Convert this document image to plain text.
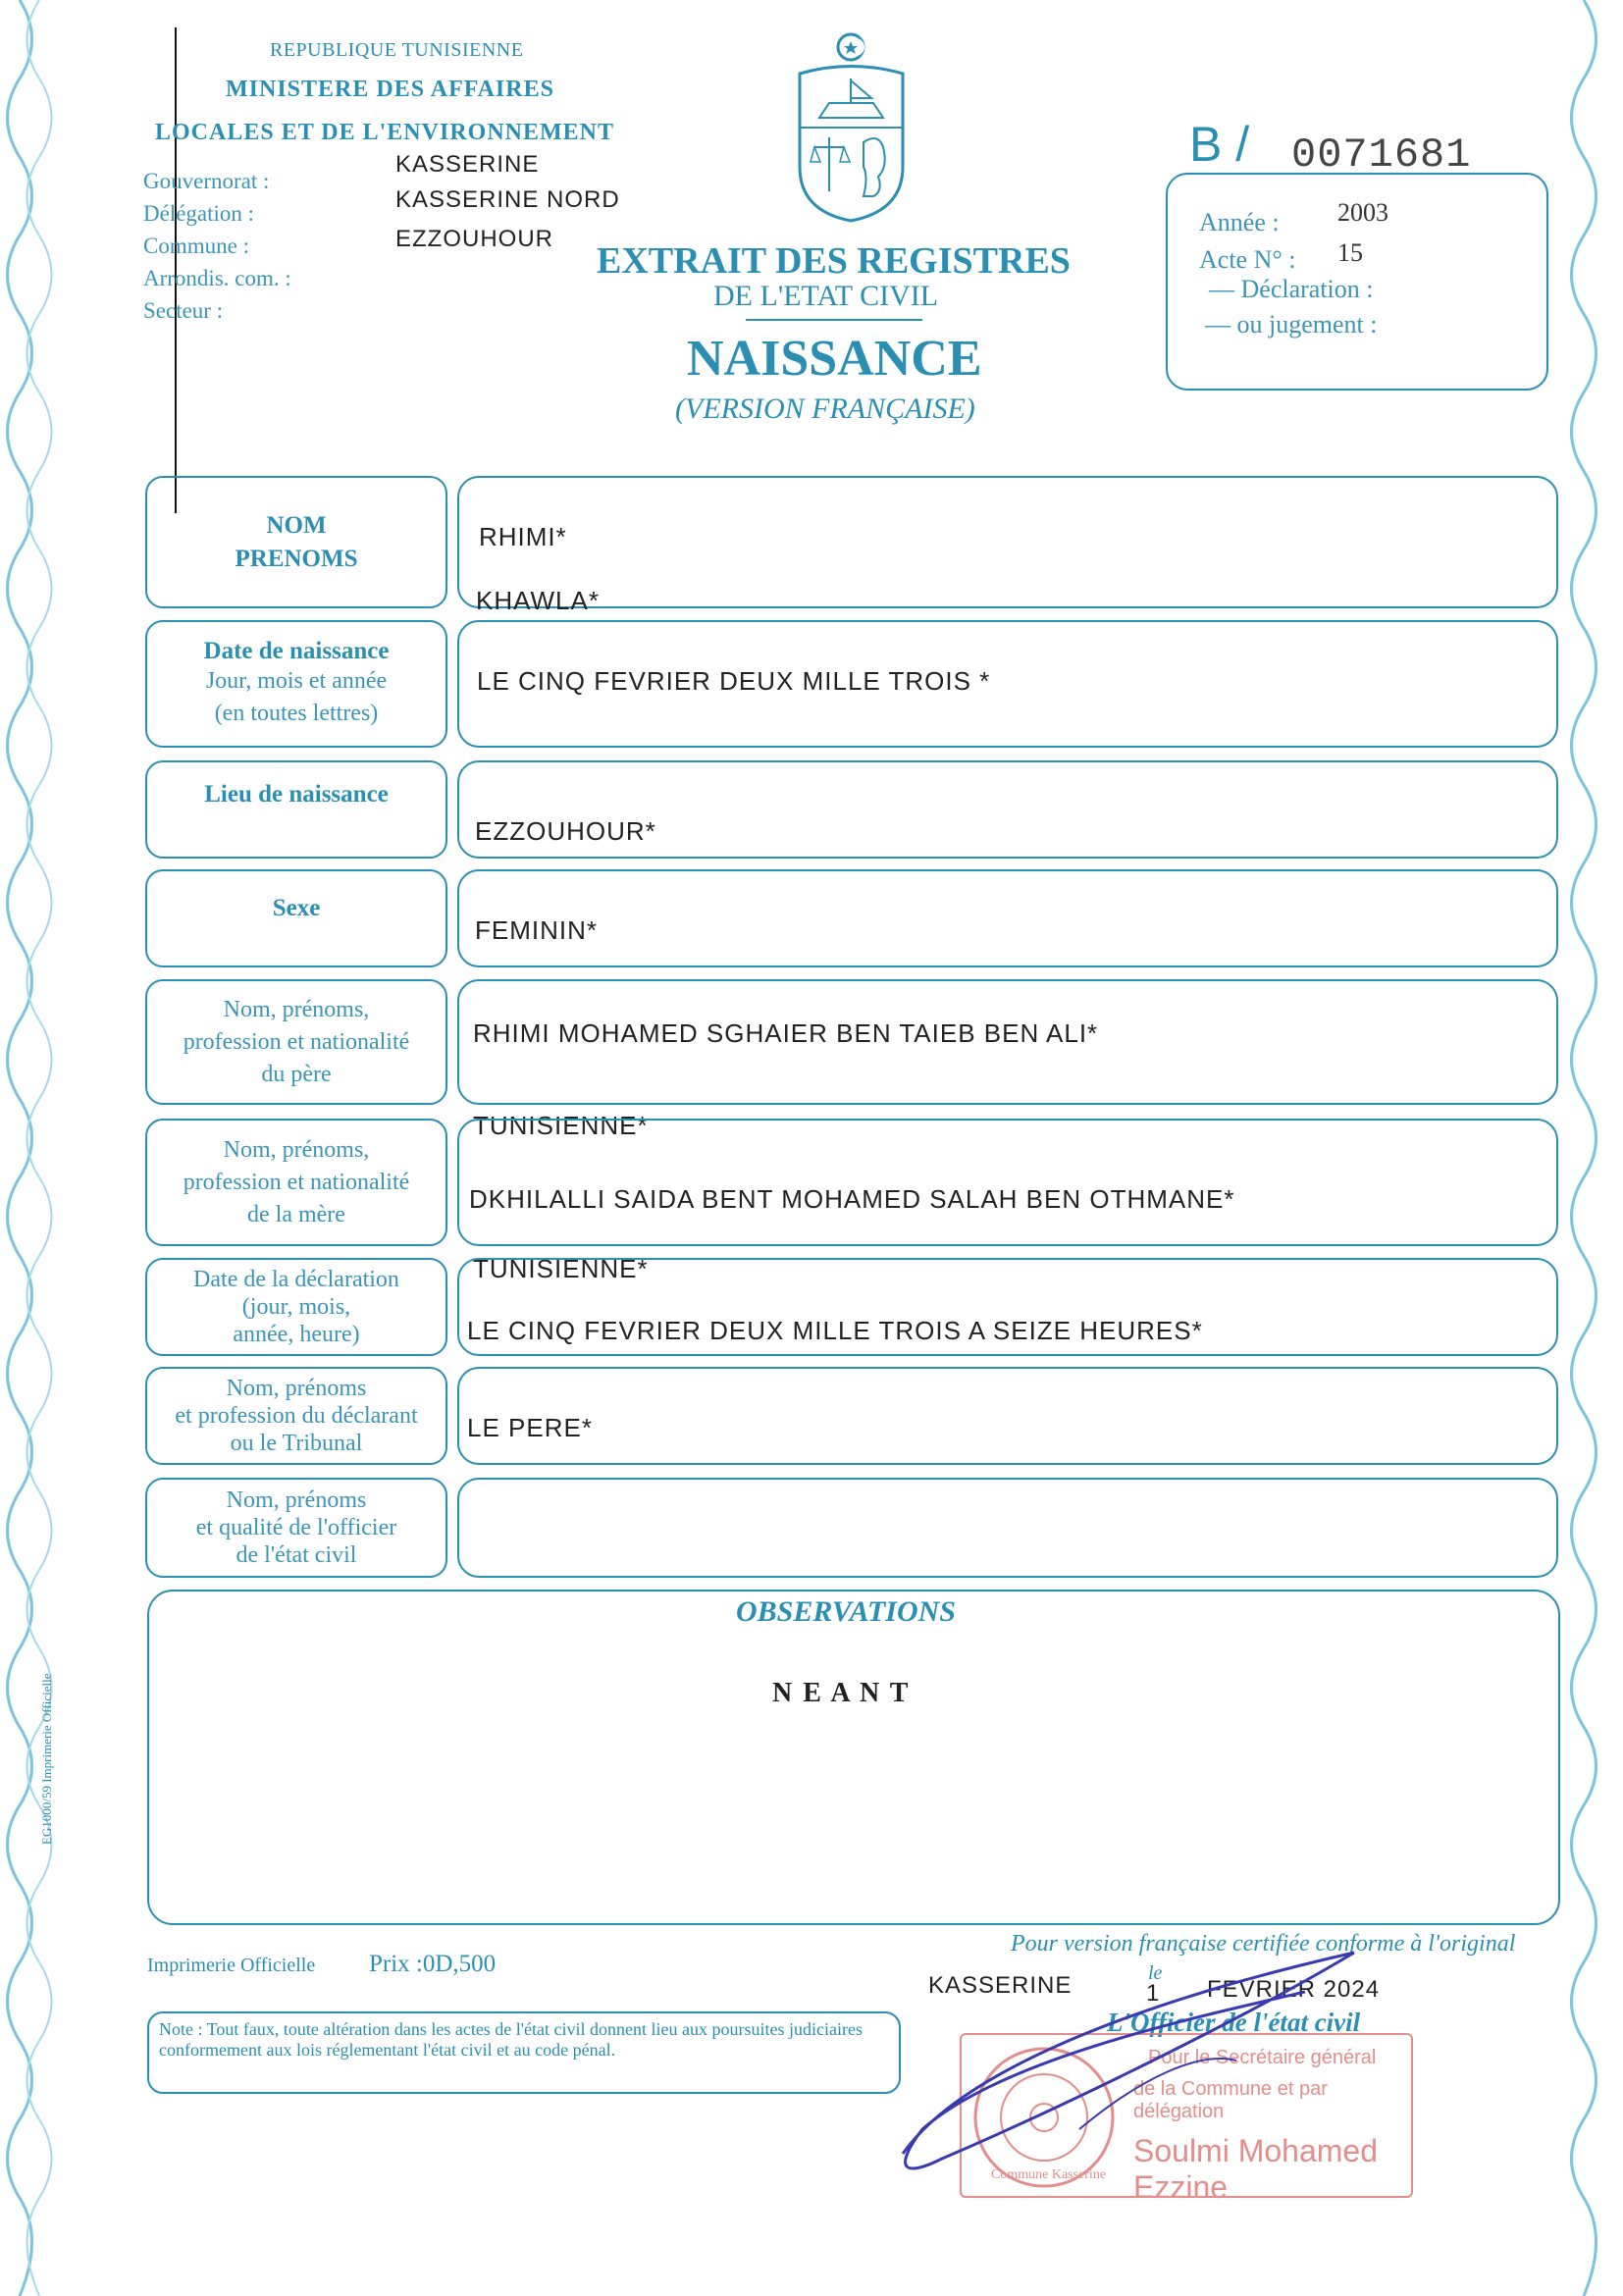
REPUBLIQUE TUNISIENNE
MINISTERE DES AFFAIRES
LOCALES ET DE L'ENVIRONNEMENT
Gouvernorat :
Délégation :
Commune :
Arrondis. com. :
Secteur :
KASSERINE
KASSERINE NORD
EZZOUHOUR
B / 0071681
EXTRAIT DES REGISTRES
DE L'ETAT CIVIL
NAISSANCE
(VERSION FRANÇAISE)
Année : 2003
Acte N° : 15
— Déclaration :
— ou jugement :
NOM
PRENOMS
RHIMI*
KHAWLA*
Date de naissance
Jour, mois et année
(en toutes lettres)
LE CINQ FEVRIER DEUX MILLE TROIS *
Lieu de naissance
EZZOUHOUR*
Sexe
FEMININ*
Nom, prénoms,
profession et nationalité
du père
RHIMI MOHAMED SGHAIER BEN TAIEB BEN ALI*
TUNISIENNE*
Nom, prénoms,
profession et nationalité
de la mère
DKHILALLI SAIDA BENT MOHAMED SALAH BEN OTHMANE*
TUNISIENNE*
Date de la déclaration
(jour, mois,
année, heure)	LE CINQ FEVRIER DEUX MILLE TROIS A SEIZE HEURES*
Nom, prénoms
et profession du déclarant
ou le Tribunal
LE PERE*
Nom, prénoms
et qualité de l'officier
de l'état civil
OBSERVATIONS
N E A N T
EG1000/59 Imprimerie Officielle
Imprimerie Officielle Prix :0D,500
Pour version française certifiée conforme à l'original
KASSERINE	le
1 FEVRIER 2024
L'Officier de l'état civil
Note : Tout faux, toute altération dans les actes de l'état civil donnent lieu aux poursuites judiciaires conformement aux lois réglementant l'état civil et au code pénal.
Commune Kasserine
Pour le Secrétaire général
de la Commune et par délégation
Soulmi Mohamed Ezzine
